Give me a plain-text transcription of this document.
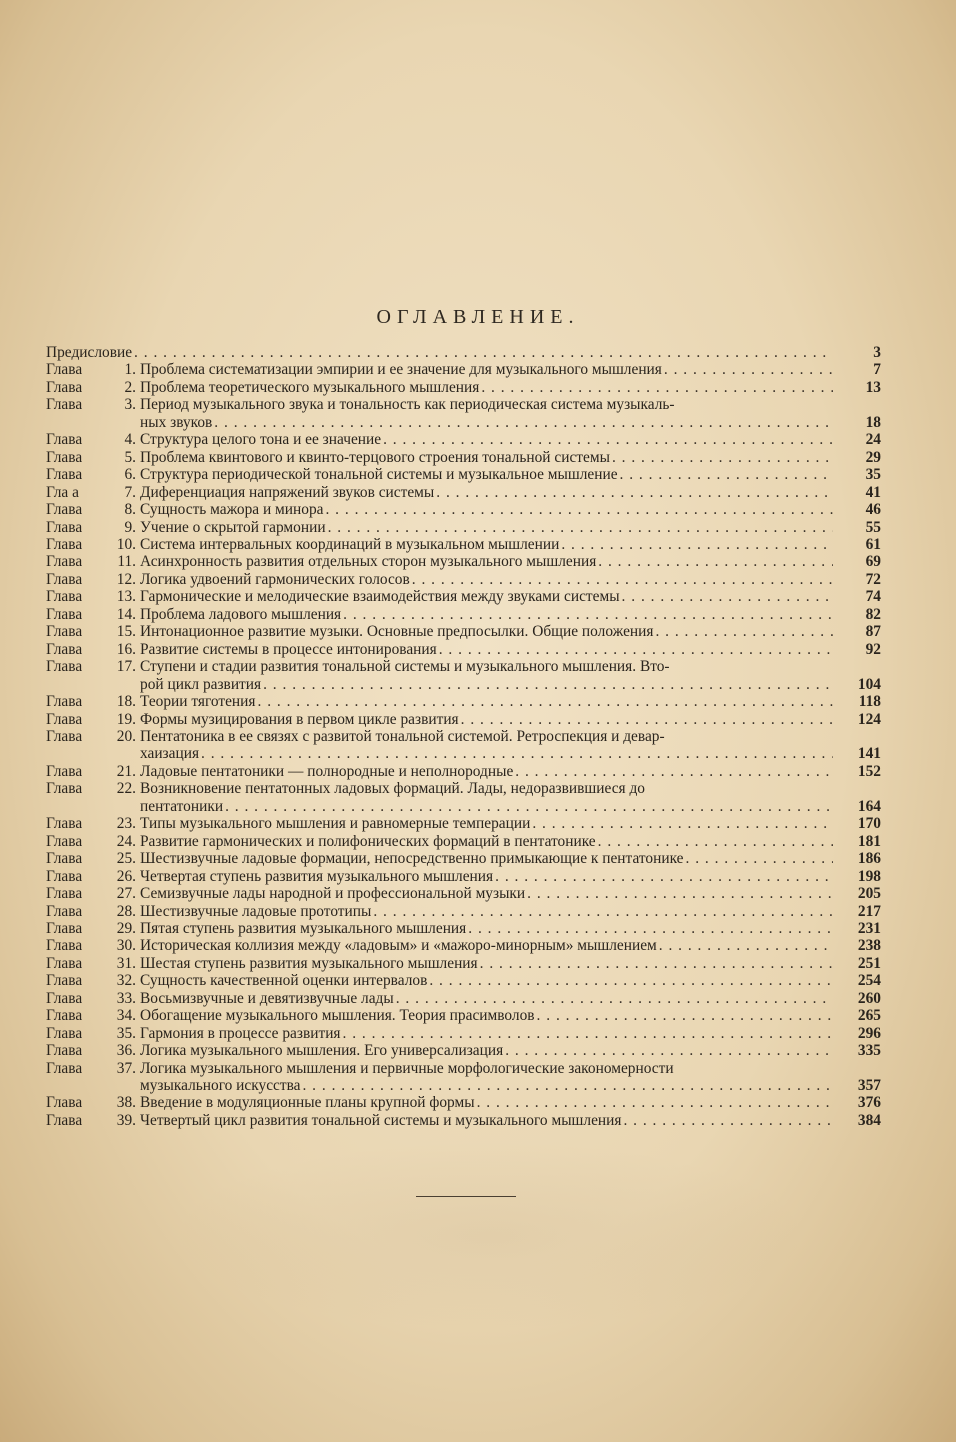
ОГЛАВЛЕНИЕ.
Предисловие . . .	3
Глава	1. Проблема систематизации эмпирии и ее значение для музыкального мышления . . .	7
Глава	2. Проблема теоретического музыкального мышления . . .	13
Глава	3. Период музыкального звука и тональность как периодическая система музыкаль-
ных звуков . . .	18
Глава	4. Структура целого тона и ее значение . . .	24
Глава	5. Проблема квинтового и квинто-терцового строения тональной системы . . .	29
Глава	6. Структура периодической тональной системы и музыкальное мышление . . .	35
Гла а	7. Диференциация напряжений звуков системы . . .	41
Глава	8. Сущность мажора и минора . . .	46
Глава	9. Учение о скрытой гармонии . . .	55
Глава	10. Система интервальных координаций в музыкальном мышлении . . .	61
Глава	11. Асинхронность развития отдельных сторон музыкального мышления . . .	69
Глава	12. Логика удвоений гармонических голосов . . .	72
Глава	13. Гармонические и мелодические взаимодействия между звуками системы . . .	74
Глава	14. Проблема ладового мышления . . .	82
Глава	15. Интонационное развитие музыки. Основные предпосылки. Общие положения . . .	87
Глава	16. Развитие системы в процессе интонирования . . .	92
Глава	17. Ступени и стадии развития тональной системы и музыкального мышления. Вто-
рой цикл развития . . .	104
Глава	18. Теории тяготения . . .	118
Глава	19. Формы музицирования в первом цикле развития . . .	124
Глава	20. Пентатоника в ее связях с развитой тональной системой. Ретроспекция и девар-
хаизация . . .	141
Глава	21. Ладовые пентатоники — полнородные и неполнородные . . .	152
Глава	22. Возникновение пентатонных ладовых формаций. Лады, недоразвившиеся до
пентатоники . . .	164
Глава	23. Типы музыкального мышления и равномерные темперации . . .	170
Глава	24. Развитие гармонических и полифонических формаций в пентатонике . . .	181
Глава	25. Шестизвучные ладовые формации, непосредственно примыкающие к пентатонике . . .	186
Глава	26. Четвертая ступень развития музыкального мышления . . .	198
Глава	27. Семизвучные лады народной и профессиональной музыки . . .	205
Глава	28. Шестизвучные ладовые прототипы . . .	217
Глава	29. Пятая ступень развития музыкального мышления . . .	231
Глава	30. Историческая коллизия между «ладовым» и «мажоро-минорным» мышлением . . .	238
Глава	31. Шестая ступень развития музыкального мышления . . .	251
Глава	32. Сущность качественной оценки интервалов . . .	254
Глава	33. Восьмизвучные и девятизвучные лады . . .	260
Глава	34. Обогащение музыкального мышления. Теория прасимволов . . .	265
Глава	35. Гармония в процессе развития . . .	296
Глава	36. Логика музыкального мышления. Его универсализация . . .	335
Глава	37. Логика музыкального мышления и первичные морфологические закономерности
музыкального искусства . . .	357
Глава	38. Введение в модуляционные планы крупной формы . . .	376
Глава	39. Четвертый цикл развития тональной системы и музыкального мышления . . .	384
